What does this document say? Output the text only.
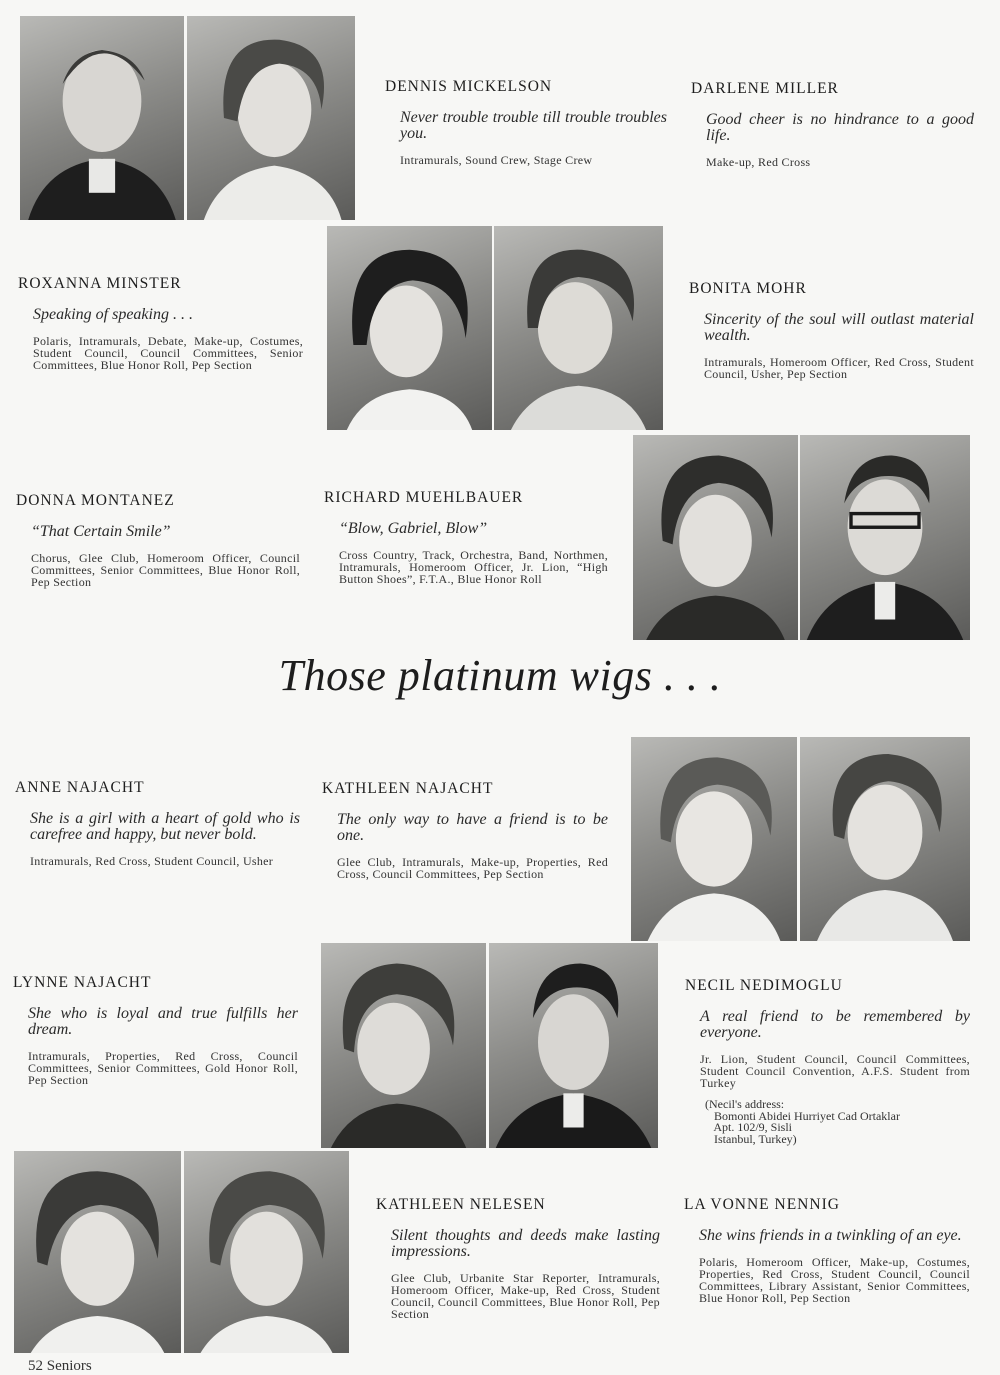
DENNIS MICKELSON
Never trouble trouble till trouble troubles you.
Intramurals, Sound Crew, Stage Crew
DARLENE MILLER
Good cheer is no hindrance to a good life.
Make-up, Red Cross
ROXANNA MINSTER
Speaking of speaking . . .
Polaris, Intramurals, Debate, Make-up, Costumes, Student Council, Council Committees, Senior Committees, Blue Honor Roll, Pep Section
BONITA MOHR
Sincerity of the soul will outlast material wealth.
Intramurals, Homeroom Officer, Red Cross, Student Council, Usher, Pep Section
DONNA MONTANEZ
“That Certain Smile”
Chorus, Glee Club, Homeroom Officer, Council Committees, Senior Committees, Blue Honor Roll, Pep Section
RICHARD MUEHLBAUER
“Blow, Gabriel, Blow”
Cross Country, Track, Orchestra, Band, Northmen, Intramurals, Homeroom Officer, Jr. Lion, “High Button Shoes”, F.T.A., Blue Honor Roll
Those platinum wigs . . .
ANNE NAJACHT
She is a girl with a heart of gold who is carefree and happy, but never bold.
Intramurals, Red Cross, Student Council, Usher
KATHLEEN NAJACHT
The only way to have a friend is to be one.
Glee Club, Intramurals, Make-up, Properties, Red Cross, Council Committees, Pep Section
LYNNE NAJACHT
She who is loyal and true fulfills her dream.
Intramurals, Properties, Red Cross, Council Committees, Senior Committees, Gold Honor Roll, Pep Section
NECIL NEDIMOGLU
A real friend to be remembered by everyone.
Jr. Lion, Student Council, Council Committees, Student Council Convention, A.F.S. Student from Turkey
(Necil's address:
Bomonti Abidei Hurriyet Cad Ortaklar
Apt. 102/9, Sisli
Istanbul, Turkey)
KATHLEEN NELESEN
Silent thoughts and deeds make lasting impressions.
Glee Club, Urbanite Star Reporter, Intramurals, Homeroom Officer, Make-up, Red Cross, Student Council, Council Committees, Blue Honor Roll, Pep Section
LA VONNE NENNIG
She wins friends in a twinkling of an eye.
Polaris, Homeroom Officer, Make-up, Costumes, Properties, Red Cross, Student Council, Council Committees, Library Assistant, Senior Committees, Blue Honor Roll, Pep Section
52 Seniors
